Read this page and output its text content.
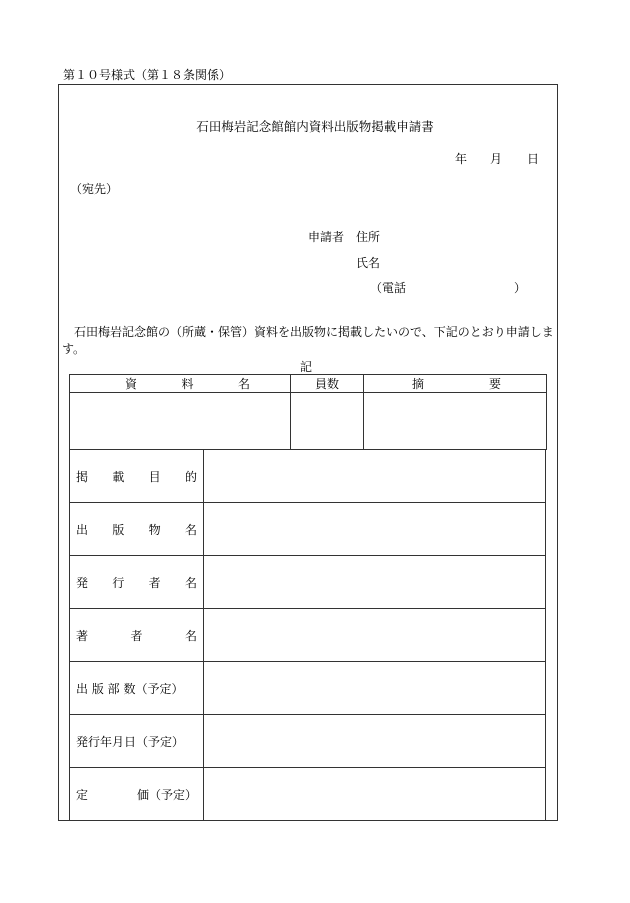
第１０号様式（第１８条関係）
石田梅岩記念館館内資料出版物掲載申請書
年 月 日
（宛先）
申請者 住所
氏名
（電話	）
石田梅岩記念館の（所蔵・保管）資料を出版物に掲載したいので、下記のとおり申請します。
記
資 料 名	員数	摘 要

掲 載 目 的	

出 版 物 名	

発 行 者 名	

著 者 名	

出 版 部 数（予定）	
発行年月日（予定）	

定 価（予定）	
